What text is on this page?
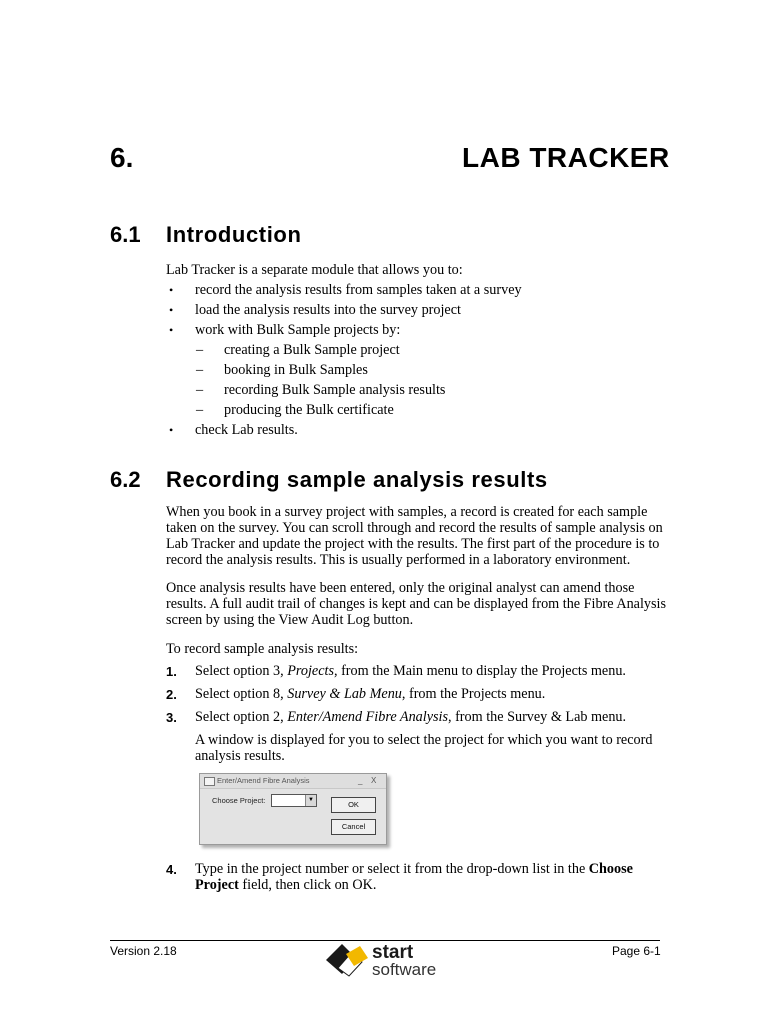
6.	LAB TRACKER
6.1 Introduction
Lab Tracker is a separate module that allows you to:
• record the analysis results from samples taken at a survey
• load the analysis results into the survey project
• work with Bulk Sample projects by:
– creating a Bulk Sample project
– booking in Bulk Samples
– recording Bulk Sample analysis results
– producing the Bulk certificate
• check Lab results.
6.2 Recording sample analysis results
When you book in a survey project with samples, a record is created for each sample taken on the survey. You can scroll through and record the results of sample analysis on Lab Tracker and update the project with the results. The first part of the procedure is to record the analysis results. This is usually performed in a laboratory environment.
Once analysis results have been entered, only the original analyst can amend those results. A full audit trail of changes is kept and can be displayed from the Fibre Analysis screen by using the View Audit Log button.
To record sample analysis results:
1. Select option 3, Projects, from the Main menu to display the Projects menu.
2. Select option 8, Survey & Lab Menu, from the Projects menu.
3. Select option 2, Enter/Amend Fibre Analysis, from the Survey & Lab menu.
A window is displayed for you to select the project for which you want to record analysis results.
Enter/Amend Fibre Analysis	_ X
Choose Project:	▼	OK
Cancel
4. Type in the project number or select it from the drop-down list in the Choose Project field, then click on OK.
Version 2.18	Page 6-1
start
software
